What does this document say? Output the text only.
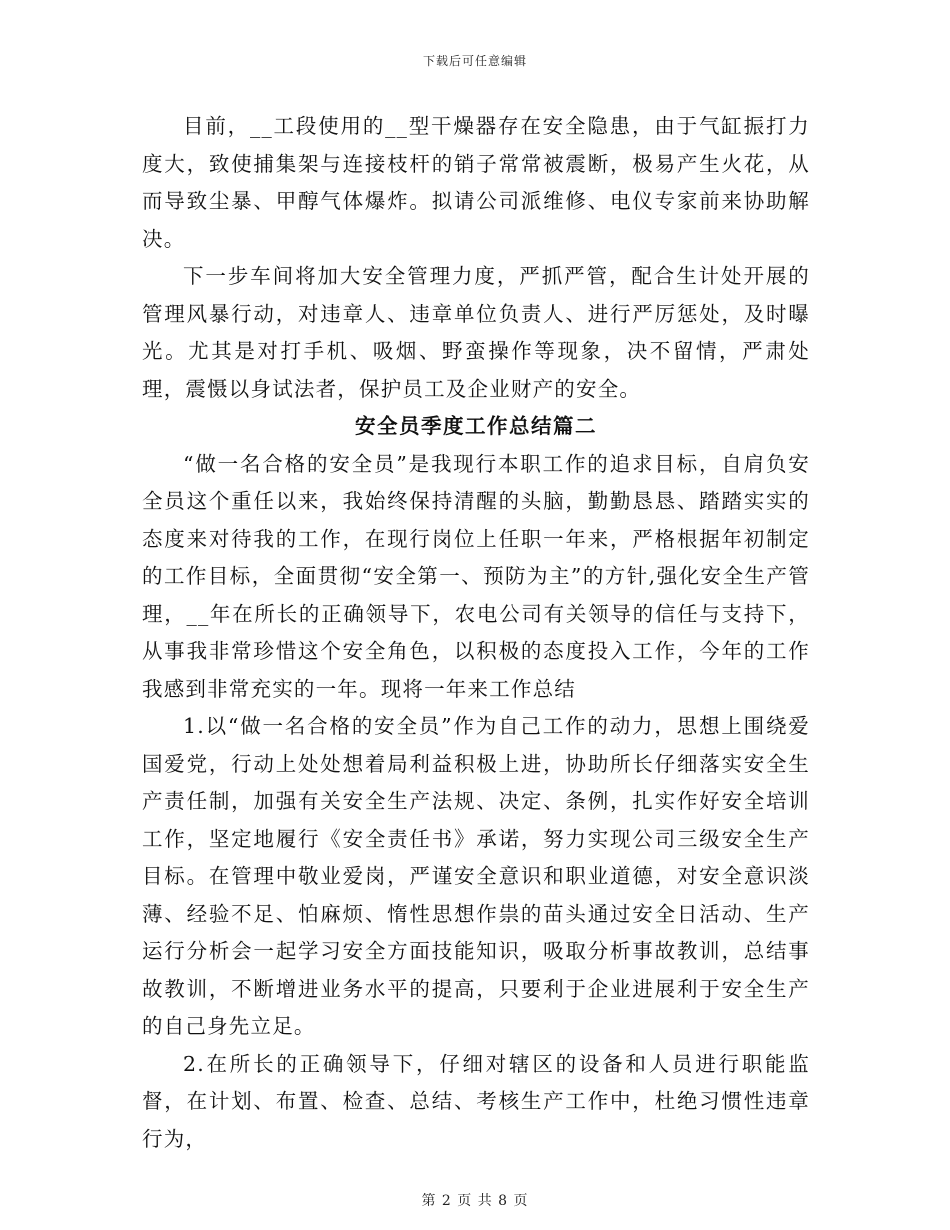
下载后可任意编辑

目前，__工段使用的__型干燥器存在安全隐患，由于气缸振打力度大，致使捕集架与连接枝杆的销子常常被震断，极易产生火花，从而导致尘暴、甲醇气体爆炸。拟请公司派维修、电仪专家前来协助解决。

下一步车间将加大安全管理力度，严抓严管，配合生计处开展的管理风暴行动，对违章人、违章单位负责人、进行严厉惩处，及时曝光。尤其是对打手机、吸烟、野蛮操作等现象，决不留情，严肃处理，震慑以身试法者，保护员工及企业财产的安全。

安全员季度工作总结篇二

“做一名合格的安全员”是我现行本职工作的追求目标，自肩负安全员这个重任以来，我始终保持清醒的头脑，勤勤恳恳、踏踏实实的态度来对待我的工作，在现行岗位上任职一年来，严格根据年初制定的工作目标，全面贯彻“安全第一、预防为主”的方针,强化安全生产管理，__年在所长的正确领导下，农电公司有关领导的信任与支持下，从事我非常珍惜这个安全角色，以积极的态度投入工作，今年的工作我感到非常充实的一年。现将一年来工作总结

1.以“做一名合格的安全员”作为自己工作的动力，思想上围绕爱国爱党，行动上处处想着局利益积极上进，协助所长仔细落实安全生产责任制，加强有关安全生产法规、决定、条例，扎实作好安全培训工作，坚定地履行《安全责任书》承诺，努力实现公司三级安全生产目标。在管理中敬业爱岗，严谨安全意识和职业道德，对安全意识淡薄、经验不足、怕麻烦、惰性思想作祟的苗头通过安全日活动、生产运行分析会一起学习安全方面技能知识，吸取分析事故教训，总结事故教训，不断增进业务水平的提高，只要利于企业进展利于安全生产的自己身先立足。

2.在所长的正确领导下，仔细对辖区的设备和人员进行职能监督，在计划、布置、检查、总结、考核生产工作中，杜绝习惯性违章行为，

第 2 页 共 8 页
